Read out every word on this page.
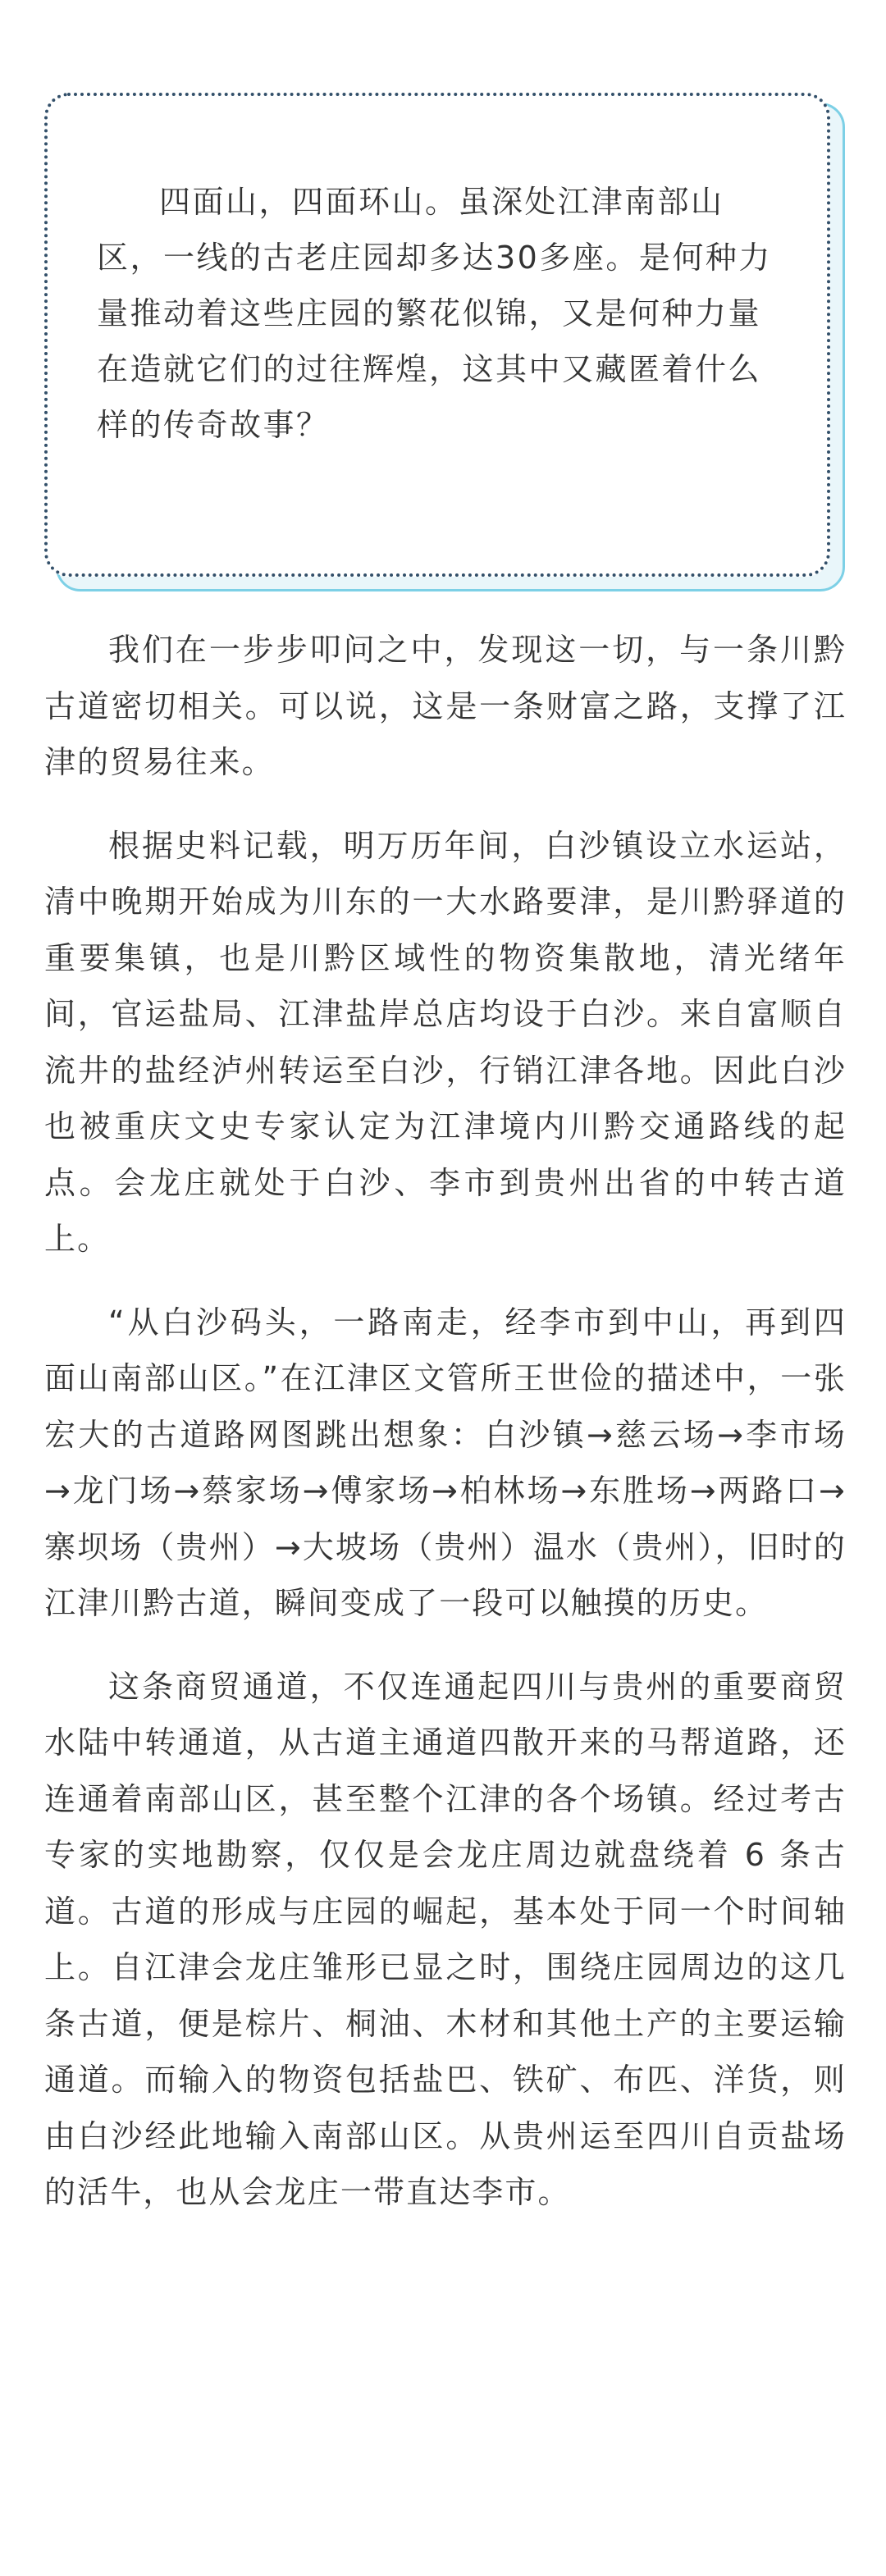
四面山，四面环山。虽深处江津南部山区，一线的古老庄园却多达30多座。是何种力量推动着这些庄园的繁花似锦，又是何种力量在造就它们的过往辉煌，这其中又藏匿着什么样的传奇故事？

我们在一步步叩问之中，发现这一切，与一条川黔古道密切相关。可以说，这是一条财富之路，支撑了江津的贸易往来。

根据史料记载，明万历年间，白沙镇设立水运站，清中晚期开始成为川东的一大水路要津，是川黔驿道的重要集镇，也是川黔区域性的物资集散地，清光绪年间，官运盐局、江津盐岸总店均设于白沙。来自富顺自流井的盐经泸州转运至白沙，行销江津各地。因此白沙也被重庆文史专家认定为江津境内川黔交通路线的起点。会龙庄就处于白沙、李市到贵州出省的中转古道上。

“从白沙码头，一路南走，经李市到中山，再到四面山南部山区。”在江津区文管所王世俭的描述中，一张宏大的古道路网图跳出想象：白沙镇→慈云场→李市场→龙门场→蔡家场→傅家场→柏林场→东胜场→两路口→寨坝场（贵州）→大坡场（贵州）温水（贵州），旧时的江津川黔古道，瞬间变成了一段可以触摸的历史。

这条商贸通道，不仅连通起四川与贵州的重要商贸水陆中转通道，从古道主通道四散开来的马帮道路，还连通着南部山区，甚至整个江津的各个场镇。经过考古专家的实地勘察，仅仅是会龙庄周边就盘绕着 6 条古道。古道的形成与庄园的崛起，基本处于同一个时间轴上。自江津会龙庄雏形已显之时，围绕庄园周边的这几条古道，便是棕片、桐油、木材和其他土产的主要运输通道。而输入的物资包括盐巴、铁矿、布匹、洋货，则由白沙经此地输入南部山区。从贵州运至四川自贡盐场的活牛，也从会龙庄一带直达李市。
